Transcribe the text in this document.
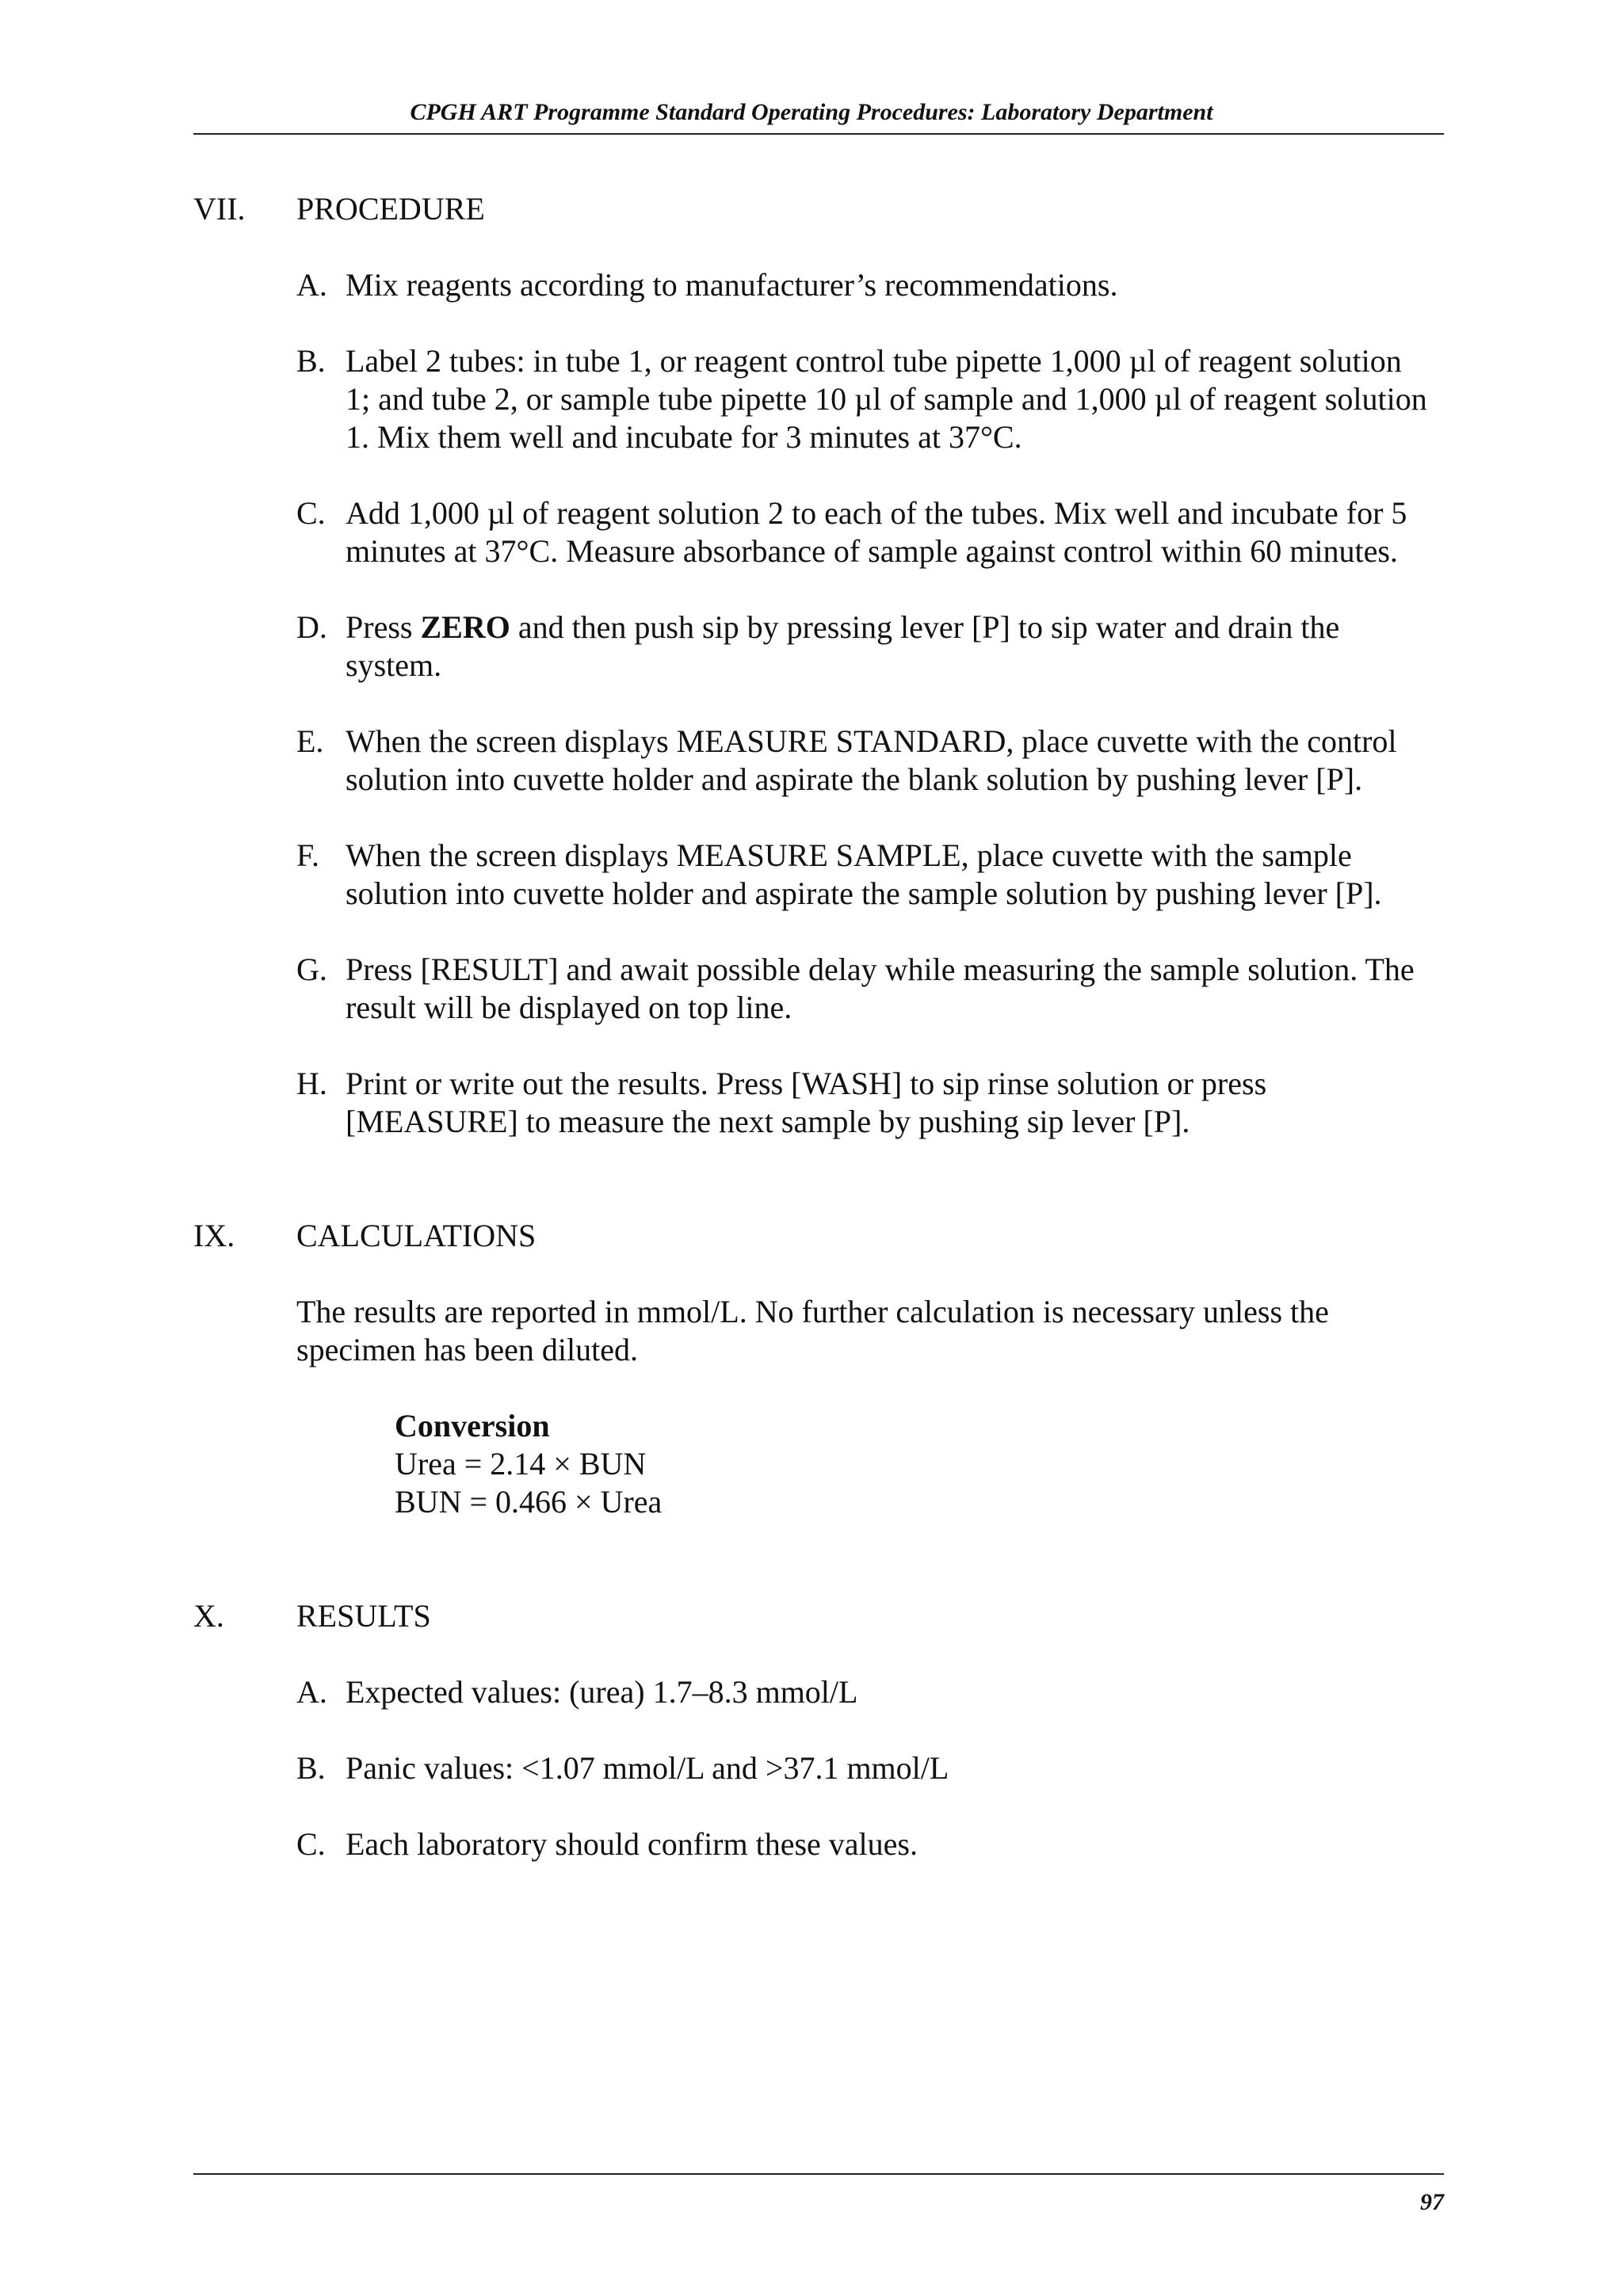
CPGH ART Programme Standard Operating Procedures: Laboratory Department
VII. PROCEDURE
A. Mix reagents according to manufacturer’s recommendations.
B. Label 2 tubes: in tube 1, or reagent control tube pipette 1,000 µl of reagent solution 1; and tube 2, or sample tube pipette 10 µl of sample and 1,000 µl of reagent solution 1. Mix them well and incubate for 3 minutes at 37°C.
C. Add 1,000 µl of reagent solution 2 to each of the tubes. Mix well and incubate for 5 minutes at 37°C. Measure absorbance of sample against control within 60 minutes.
D. Press ZERO and then push sip by pressing lever [P] to sip water and drain the system.
E. When the screen displays MEASURE STANDARD, place cuvette with the control solution into cuvette holder and aspirate the blank solution by pushing lever [P].
F. When the screen displays MEASURE SAMPLE, place cuvette with the sample solution into cuvette holder and aspirate the sample solution by pushing lever [P].
G. Press [RESULT] and await possible delay while measuring the sample solution. The result will be displayed on top line.
H. Print or write out the results. Press [WASH] to sip rinse solution or press [MEASURE] to measure the next sample by pushing sip lever [P].
IX. CALCULATIONS
The results are reported in mmol/L. No further calculation is necessary unless the specimen has been diluted.
Conversion
Urea = 2.14 × BUN
BUN = 0.466 × Urea
X. RESULTS
A. Expected values: (urea) 1.7–8.3 mmol/L
B. Panic values: <1.07 mmol/L and >37.1 mmol/L
C. Each laboratory should confirm these values.
97
